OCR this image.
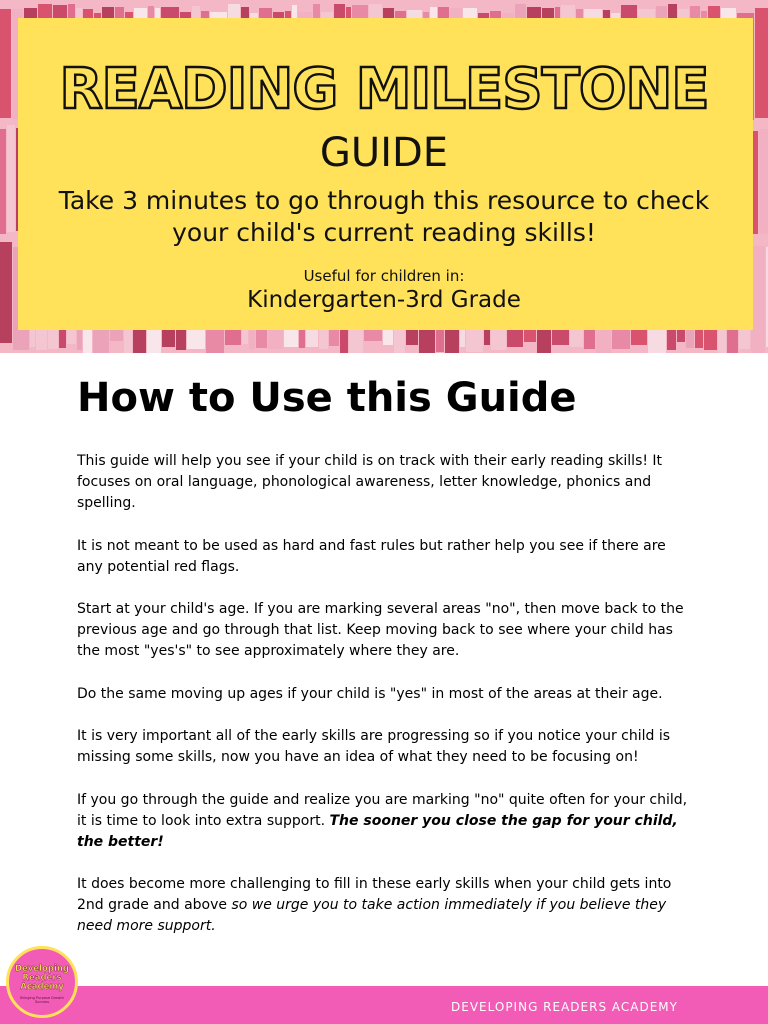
READING MILESTONE
GUIDE
Take 3 minutes to go through this resource to check your child's current reading skills!
Useful for children in:
Kindergarten-3rd Grade
How to Use this Guide

This guide will help you see if your child is on track with their early reading skills! It focuses on oral language, phonological awareness, letter knowledge, phonics and spelling.

It is not meant to be used as hard and fast rules but rather help you see if there are any potential red flags.

Start at your child's age. If you are marking several areas "no", then move back to the previous age and go through that list. Keep moving back to see where your child has the most "yes's" to see approximately where they are.

Do the same moving up ages if your child is "yes" in most of the areas at their age.

It is very important all of the early skills are progressing so if you notice your child is missing some skills, now you have an idea of what they need to be focusing on!

If you go through the guide and realize you are marking "no" quite often for your child, it is time to look into extra support. The sooner you close the gap for your child, the better!

It does become more challenging to fill in these early skills when your child gets into 2nd grade and above so we urge you to take action immediately if you believe they need more support.

DEVELOPING READERS ACADEMY
Developing Readers Academy
Bringing Purpose Growth Success
